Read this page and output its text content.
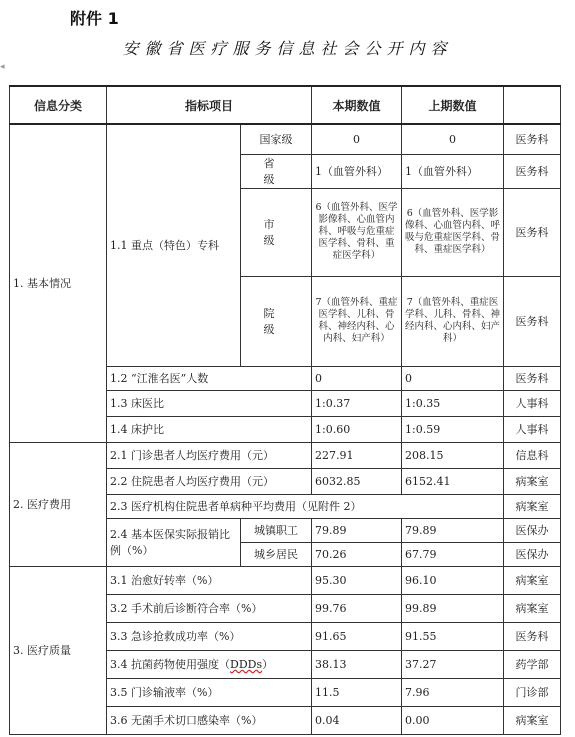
附件 1
安徽省医疗服务信息社会公开内容
◂
信息分类	指标项目		本期数值	上期数值	
1. 基本情况	1.1 重点（特色）专科	国家级	0	0	医务科
		省 级	1（血管外科）	1（血管外科）	医务科
		市 级	6（血管外科、医学影像科、心血管内科、呼吸与危重症医学科、骨科、重症医学科）	6（血管外科、医学影像科、心血管内科、呼吸与危重症医学科、骨科、重症医学科）	医务科
		院 级	7（血管外科、重症医学科、儿科、骨科、神经内科、心内科、妇产科）	7（血管外科、重症医学科、儿科、骨科、神经内科、心内科、妇产科）	医务科
	1.2 “江淮名医”人数		0	0	医务科
	1.3 床医比		1:0.37	1:0.35	人事科
	1.4 床护比		1:0.60	1:0.59	人事科
2. 医疗费用	2.1 门诊患者人均医疗费用（元）		227.91	208.15	信息科
	2.2 住院患者人均医疗费用（元）		6032.85	6152.41	病案室
	2.3 医疗机构住院患者单病种平均费用（见附件 2）				病案室
	2.4 基本医保实际报销比例（%）	城镇职工	79.89	79.89	医保办
		城乡居民	70.26	67.79	医保办
3. 医疗质量	3.1 治愈好转率（%）		95.30	96.10	病案室
	3.2 手术前后诊断符合率（%）		99.76	99.89	病案室
	3.3 急诊抢救成功率（%）		91.65	91.55	医务科
	3.4 抗菌药物使用强度（DDDs）		38.13	37.27	药学部
	3.5 门诊输液率（%）		11.5	7.96	门诊部
	3.6 无菌手术切口感染率（%）		0.04	0.00	病案室
